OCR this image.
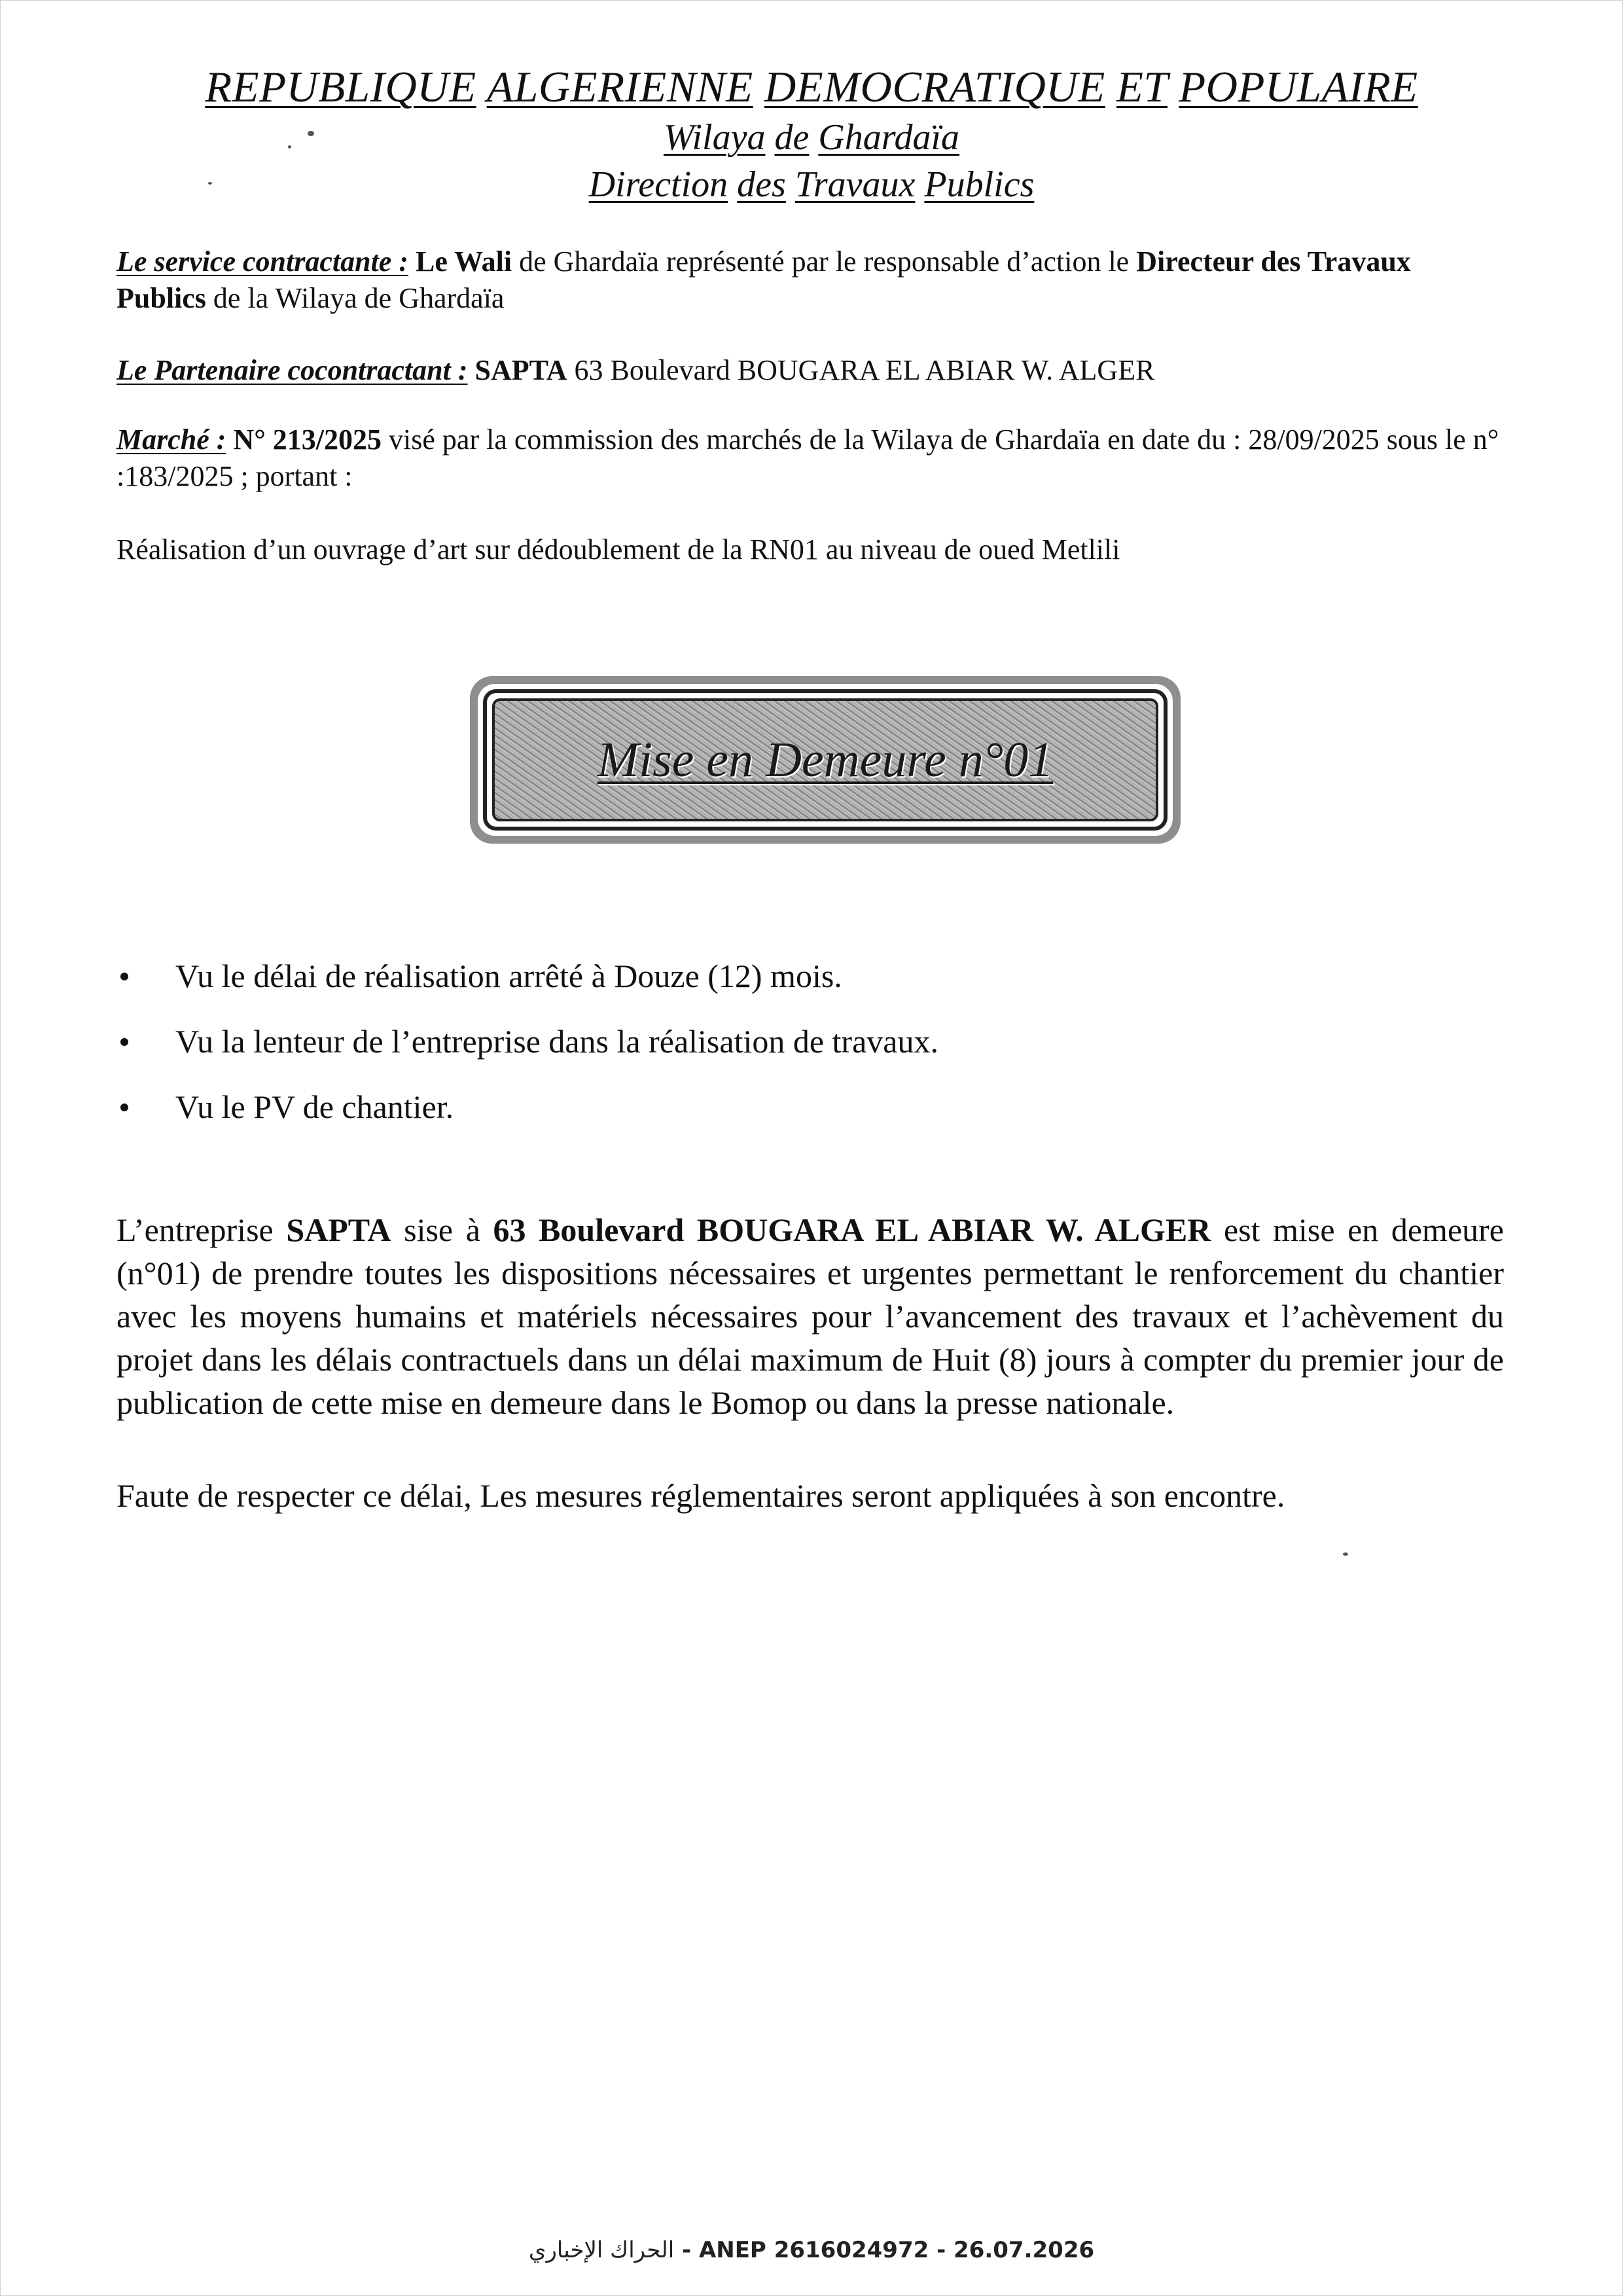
REPUBLIQUE ALGERIENNE DEMOCRATIQUE ET POPULAIRE
Wilaya de Ghardaïa
Direction des Travaux Publics
Le service contractante : Le Wali de Ghardaïa représenté par le responsable d’action le Directeur des Travaux Publics de la Wilaya de Ghardaïa
Le Partenaire cocontractant : SAPTA 63 Boulevard BOUGARA EL ABIAR W. ALGER
Marché : N° 213/2025 visé par la commission des marchés de la Wilaya de Ghardaïa en date du : 28/09/2025 sous le n° :183/2025 ; portant :
Réalisation d’un ouvrage d’art sur dédoublement de la RN01 au niveau de oued Metlili
Mise en Demeure n°01
Vu le délai de réalisation arrêté à Douze (12) mois.
Vu la lenteur de l’entreprise dans la réalisation de travaux.
Vu le PV de chantier.

L’entreprise SAPTA sise à 63 Boulevard BOUGARA EL ABIAR W. ALGER est mise en demeure (n°01) de prendre toutes les dispositions nécessaires et urgentes permettant le renforcement du chantier avec les moyens humains et matériels nécessaires pour l’avancement des travaux et l’achèvement du projet dans les délais contractuels dans un délai maximum de Huit (8) jours à compter du premier jour de publication de cette mise en demeure dans le Bomop ou dans la presse nationale.

Faute de respecter ce délai, Les mesures réglementaires seront appliquées à son encontre.
الحراك الإخباري - ANEP 2616024972 - 26.07.2026
